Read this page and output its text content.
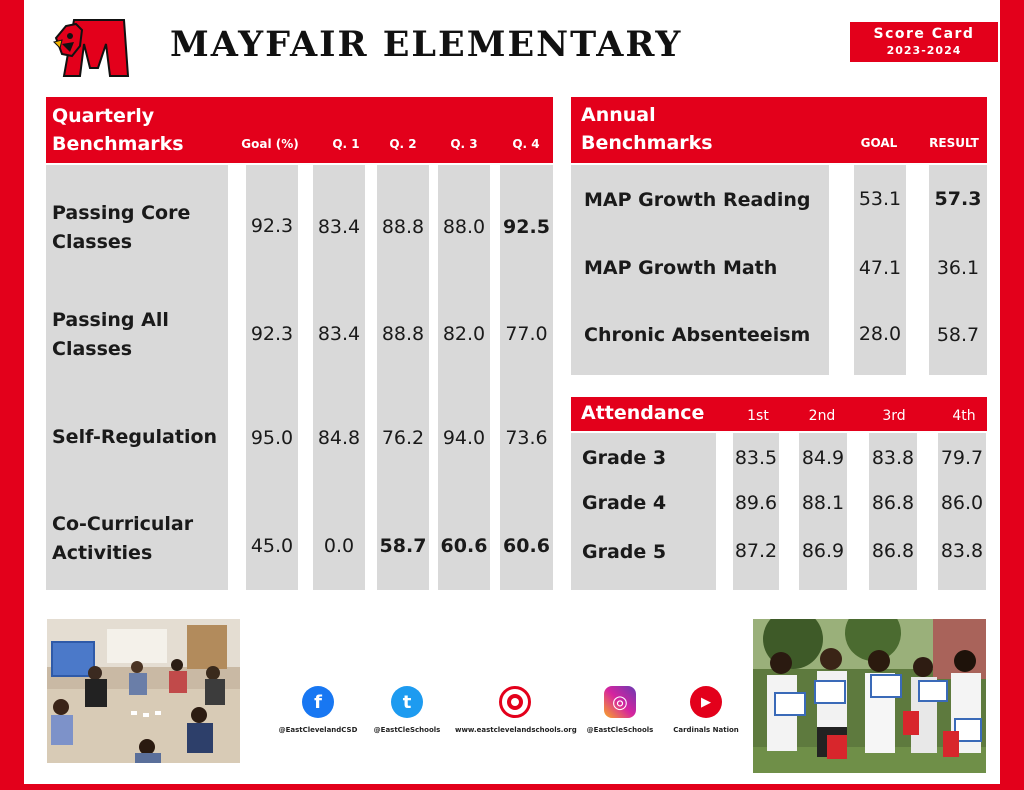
MAYFAIR ELEMENTARY	Score Card
2023-2024
Quarterly
Benchmarks	Goal (%)	Q. 1	Q. 2	Q. 3	Q. 4
Passing Core
Classes
92.3	83.4	88.8 88.0 92.5
Passing All
Classes
92.3	83.4	88.8 82.0	77.0
Self-Regulation	95.0	84.8	76.2 94.0	73.6
Co-Curricular
Activities	45.0	0.0	58.7 60.6 60.6
Annual
Benchmarks	GOAL	RESULT
MAP Growth Reading	53.1	57.3
MAP Growth Math	47.1	36.1
Chronic Absenteeism	28.0	58.7
Attendance	1st	2nd	3rd	4th
Grade 3	83.5	84.9	83.8	79.7
Grade 4	89.6	88.1	86.8	86.0
Grade 5	87.2	86.9	86.8	83.8
f
@EastClevelandCSD
t
@EastCleSchools	www.eastclevelandschools.org
◎
@EastCleSchools
▶
Cardinals Nation
